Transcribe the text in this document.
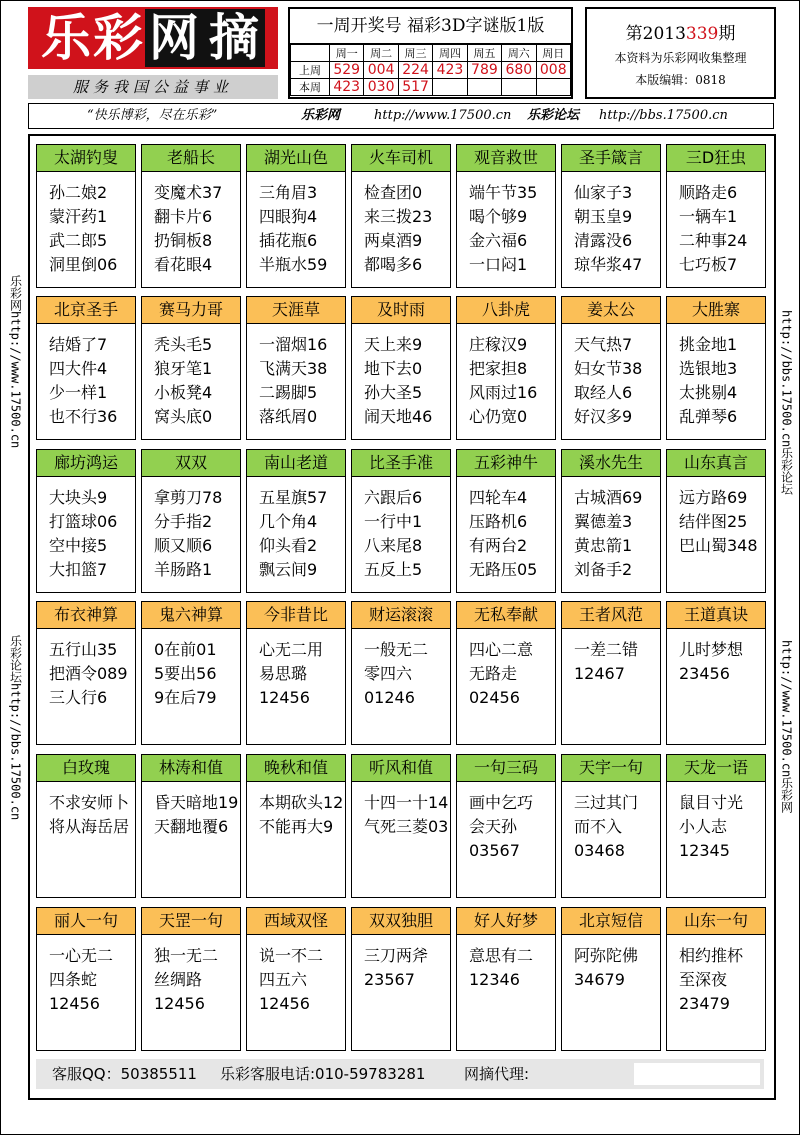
乐彩网 摘
服务我国公益事业
一周开奖号 福彩3D字谜版1版
	周一	周二	周三	周四	周五	周六	周日
上周	529	004	224	423	789	680	008
本周	423	030	517				
第2013339期
本资料为乐彩网收集整理
本版编辑：0818
“快乐博彩，尽在乐彩”	乐彩网	http://www.17500.cn 乐彩论坛 http://bbs.17500.cn
乐彩网
http://www.17500.cn
乐彩论坛
http://bbs.17500.cn
http://bbs.17500.cn
乐彩论坛
http://www.17500.cn
乐彩网
太湖钓叟
孙二娘2
蒙汗药1
武二郎5
洞里倒06
老船长
变魔术37
翻卡片6
扔铜板8
看花眼4
湖光山色
三角眉3
四眼狗4
插花瓶6
半瓶水59
火车司机
检查团0
来三拨23
两桌酒9
都喝多6
观音救世
端午节35
喝个够9
金六福6
一口闷1
圣手箴言
仙家子3
朝玉皇9
清露没6
琼华浆47
三D狂虫
顺路走6
一辆车1
二种事24
七巧板7
北京圣手
结婚了7
四大件4
少一样1
也不行36
赛马力哥
秃头毛5
狼牙笔1
小板凳4
窝头底0
天涯草
一溜烟16
飞满天38
二踢脚5
落纸屑0
及时雨
天上来9
地下去0
孙大圣5
闹天地46
八卦虎
庄稼汉9
把家担8
风雨过16
心仍宽0
姜太公
天气热7
妇女节38
取经人6
好汉多9
大胜寨
挑金地1
选银地3
太挑剔4
乱弹琴6
廊坊鸿运
大块头9
打篮球06
空中接5
大扣篮7
双双
拿剪刀78
分手指2
顺又顺6
羊肠路1
南山老道
五星旗57
几个角4
仰头看2
飘云间9
比圣手准
六跟后6
一行中1
八来尾8
五反上5
五彩神牛
四轮车4
压路机6
有两台2
无路压05
溪水先生
古城酒69
翼德羞3
黄忠箭1
刘备手2
山东真言
远方路69
结伴图25
巴山蜀348
布衣神算
五行山35
把酒令089
三人行6
鬼六神算
0在前01
5要出56
9在后79
今非昔比
心无二用
易思璐
12456
财运滚滚
一般无二
零四六
01246
无私奉献
四心二意
无路走
02456
王者风范
一差二错
12467
王道真诀
儿时梦想
23456
白玫瑰
不求安师卜
将从海岳居
林涛和值
昏天暗地19
天翻地覆6
晚秋和值
本期砍头12
不能再大9
听风和值
十四一十14
气死三菱03
一句三码
画中乞巧
会天孙
03567
天宇一句
三过其门
而不入
03468
天龙一语
鼠目寸光
小人志
12345
丽人一句
一心无二
四条蛇
12456
天罡一句
独一无二
丝绸路
12456
西域双怪
说一不二
四五六
12456
双双独胆
三刀两斧
23567
好人好梦
意思有二
12346
北京短信
阿弥陀佛
34679
山东一句
相约推杯
至深夜
23479
客服QQ：50385511 乐彩客服电话:010-59783281	网摘代理:
